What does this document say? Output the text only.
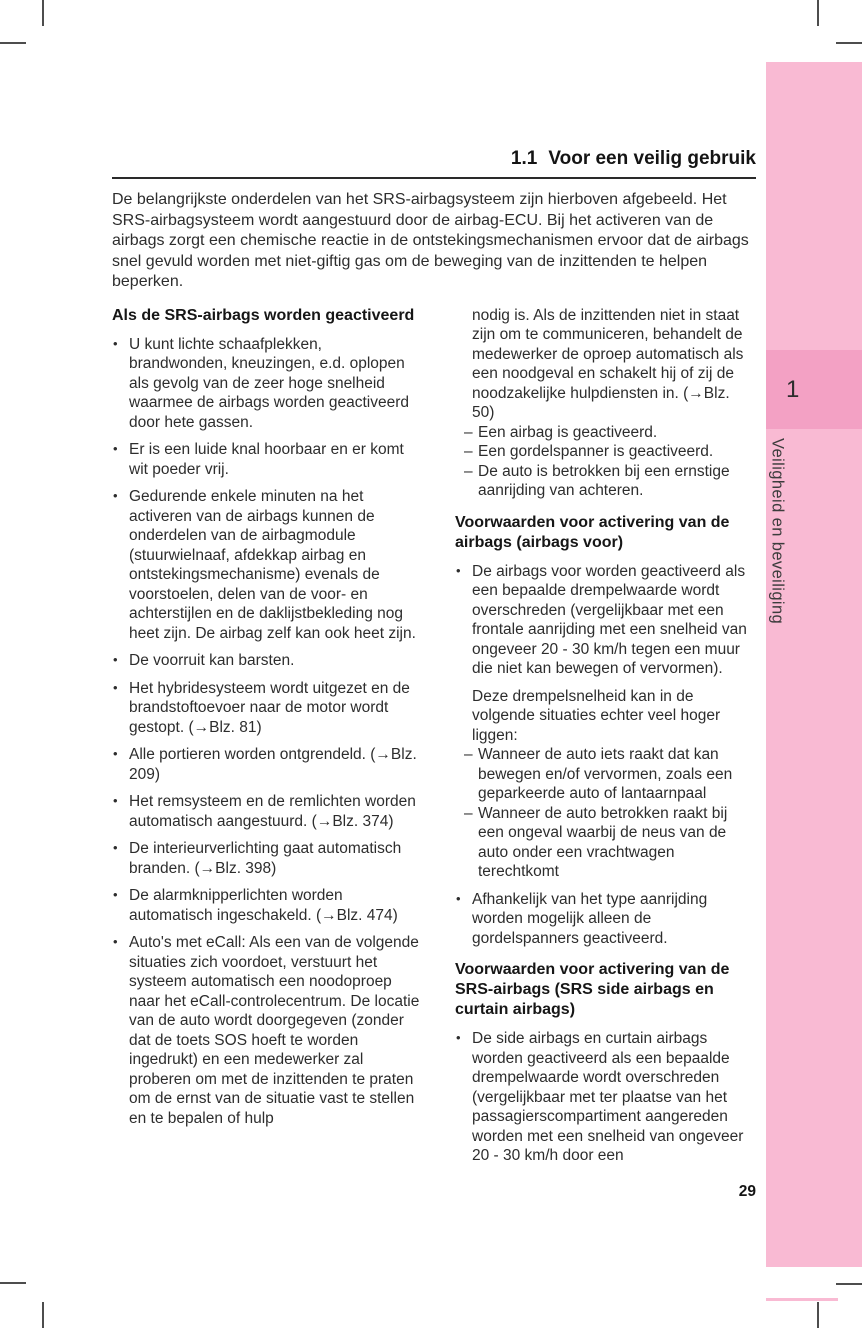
1
Veiligheid en beveiliging
1.1 Voor een veilig gebruik

De belangrijkste onderdelen van het SRS-airbagsysteem zijn hierboven afgebeeld. Het SRS-airbagsysteem wordt aangestuurd door de airbag-ECU. Bij het activeren van de airbags zorgt een chemische reactie in de ontstekingsmechanismen ervoor dat de airbags snel gevuld worden met niet-giftig gas om de beweging van de inzittenden te helpen beperken.

Als de SRS-airbags worden geactiveerd
• U kunt lichte schaafplekken, brandwonden, kneuzingen, e.d. oplopen als gevolg van de zeer hoge snelheid waarmee de airbags worden geactiveerd door hete gassen.
• Er is een luide knal hoorbaar en er komt wit poeder vrij.
• Gedurende enkele minuten na het activeren van de airbags kunnen de onderdelen van de airbagmodule (stuurwielnaaf, afdekkap airbag en ontstekingsmechanisme) evenals de voorstoelen, delen van de voor- en achterstijlen en de daklijstbekleding nog heet zijn. De airbag zelf kan ook heet zijn.
• De voorruit kan barsten.
• Het hybridesysteem wordt uitgezet en de brandstoftoevoer naar de motor wordt gestopt. (→Blz. 81)
• Alle portieren worden ontgrendeld. (→Blz. 209)
• Het remsysteem en de remlichten worden automatisch aangestuurd. (→Blz. 374)
• De interieurverlichting gaat automatisch branden. (→Blz. 398)
• De alarmknipperlichten worden automatisch ingeschakeld. (→Blz. 474)
• Auto's met eCall: Als een van de volgende situaties zich voordoet, verstuurt het systeem automatisch een noodoproep naar het eCall-controlecentrum. De locatie van de auto wordt doorgegeven (zonder dat de toets SOS hoeft te worden ingedrukt) en een medewerker zal proberen om met de inzittenden te praten om de ernst van de situatie vast te stellen en te bepalen of hulp

nodig is. Als de inzittenden niet in staat zijn om te communiceren, behandelt de medewerker de oproep automatisch als een noodgeval en schakelt hij of zij de noodzakelijke hulpdiensten in. (→Blz. 50)

– Een airbag is geactiveerd.
– Een gordelspanner is geactiveerd.
– De auto is betrokken bij een ernstige aanrijding van achteren.
Voorwaarden voor activering van de airbags (airbags voor)
• De airbags voor worden geactiveerd als een bepaalde drempelwaarde wordt overschreden (vergelijkbaar met een frontale aanrijding met een snelheid van ongeveer 20 - 30 km/h tegen een muur die niet kan bewegen of vervormen).

Deze drempelsnelheid kan in de volgende situaties echter veel hoger liggen:

– Wanneer de auto iets raakt dat kan bewegen en/of vervormen, zoals een geparkeerde auto of lantaarnpaal
– Wanneer de auto betrokken raakt bij een ongeval waarbij de neus van de auto onder een vrachtwagen terechtkomt
• Afhankelijk van het type aanrijding worden mogelijk alleen de gordelspanners geactiveerd.
Voorwaarden voor activering van de SRS-airbags (SRS side airbags en curtain airbags)
• De side airbags en curtain airbags worden geactiveerd als een bepaalde drempelwaarde wordt overschreden (vergelijkbaar met ter plaatse van het passagierscompartiment aangereden worden met een snelheid van ongeveer 20 - 30 km/h door een
29
